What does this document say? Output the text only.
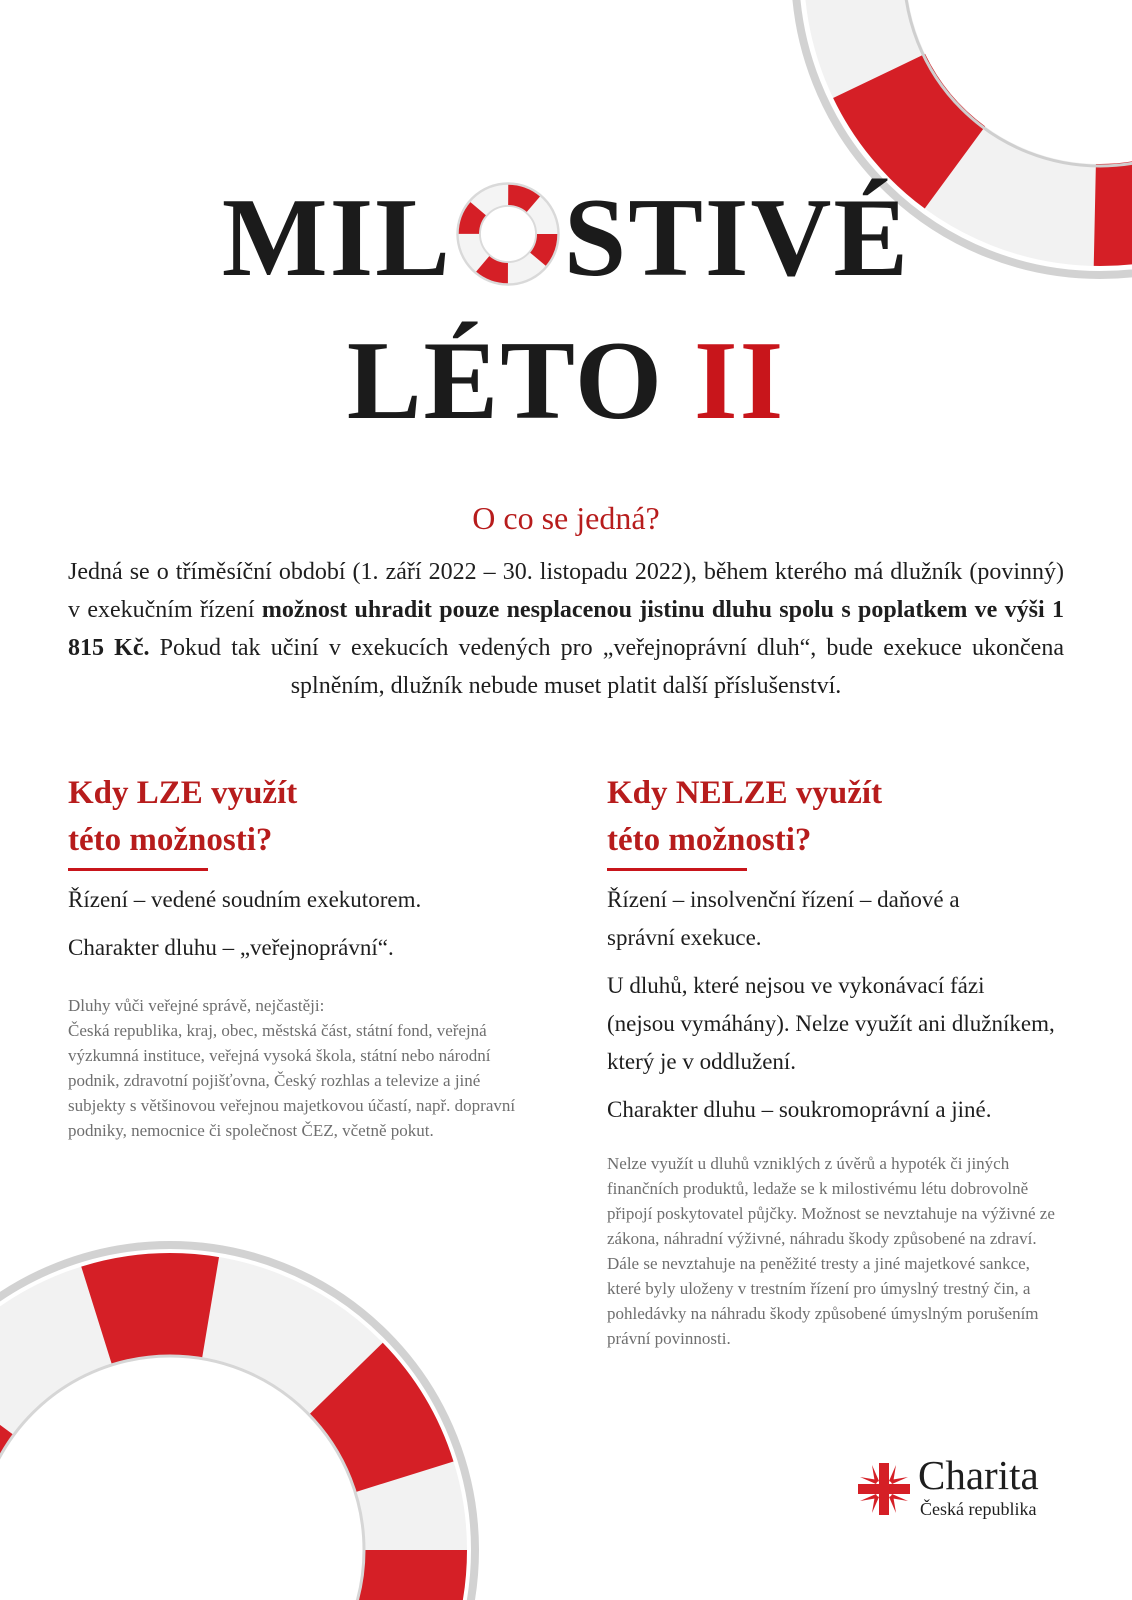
MIL STIVÉ
LÉTO II
O co se jedná?
Jedná se o tříměsíční období (1. září 2022 – 30. listopadu 2022), během kterého má dlužník (povinný) v exekučním řízení možnost uhradit pouze nesplacenou jistinu dluhu spolu s poplatkem ve výši 1 815 Kč. Pokud tak učiní v exekucích vedených pro „veřejnoprávní dluh“, bude exekuce ukončena splněním, dlužník nebude muset platit další příslušenství.
Kdy LZE využít
této možnosti?

Řízení – vedené soudním exekutorem.

Charakter dluhu – „veřejnoprávní“.

Dluhy vůči veřejné správě, nejčastěji:
Česká republika, kraj, obec, městská část, státní fond, veřejná výzkumná instituce, veřejná vysoká škola, státní nebo národní podnik, zdravotní pojišťovna, Český rozhlas a televize a jiné subjekty s většinovou veřejnou majetkovou účastí, např. dopravní podniky, nemocnice či společnost ČEZ, včetně pokut.

Kdy NELZE využít
této možnosti?

Řízení – insolvenční řízení – daňové a správní exekuce.

U dluhů, které nejsou ve vykonávací fázi (nejsou vymáhány). Nelze využít ani dlužníkem, který je v oddlužení.

Charakter dluhu – soukromoprávní a jiné.

Nelze využít u dluhů vzniklých z úvěrů a hypoték či jiných finančních produktů, ledaže se k milostivému létu dobrovolně připojí poskytovatel půjčky. Možnost se nevztahuje na výživné ze zákona, náhradní výživné, náhradu škody způsobené na zdraví. Dále se nevztahuje na peněžité tresty a jiné majetkové sankce, které byly uloženy v trestním řízení pro úmyslný trestný čin, a pohledávky na náhradu škody způsobené úmyslným porušením právní povinnosti.

Charita
Česká republika
